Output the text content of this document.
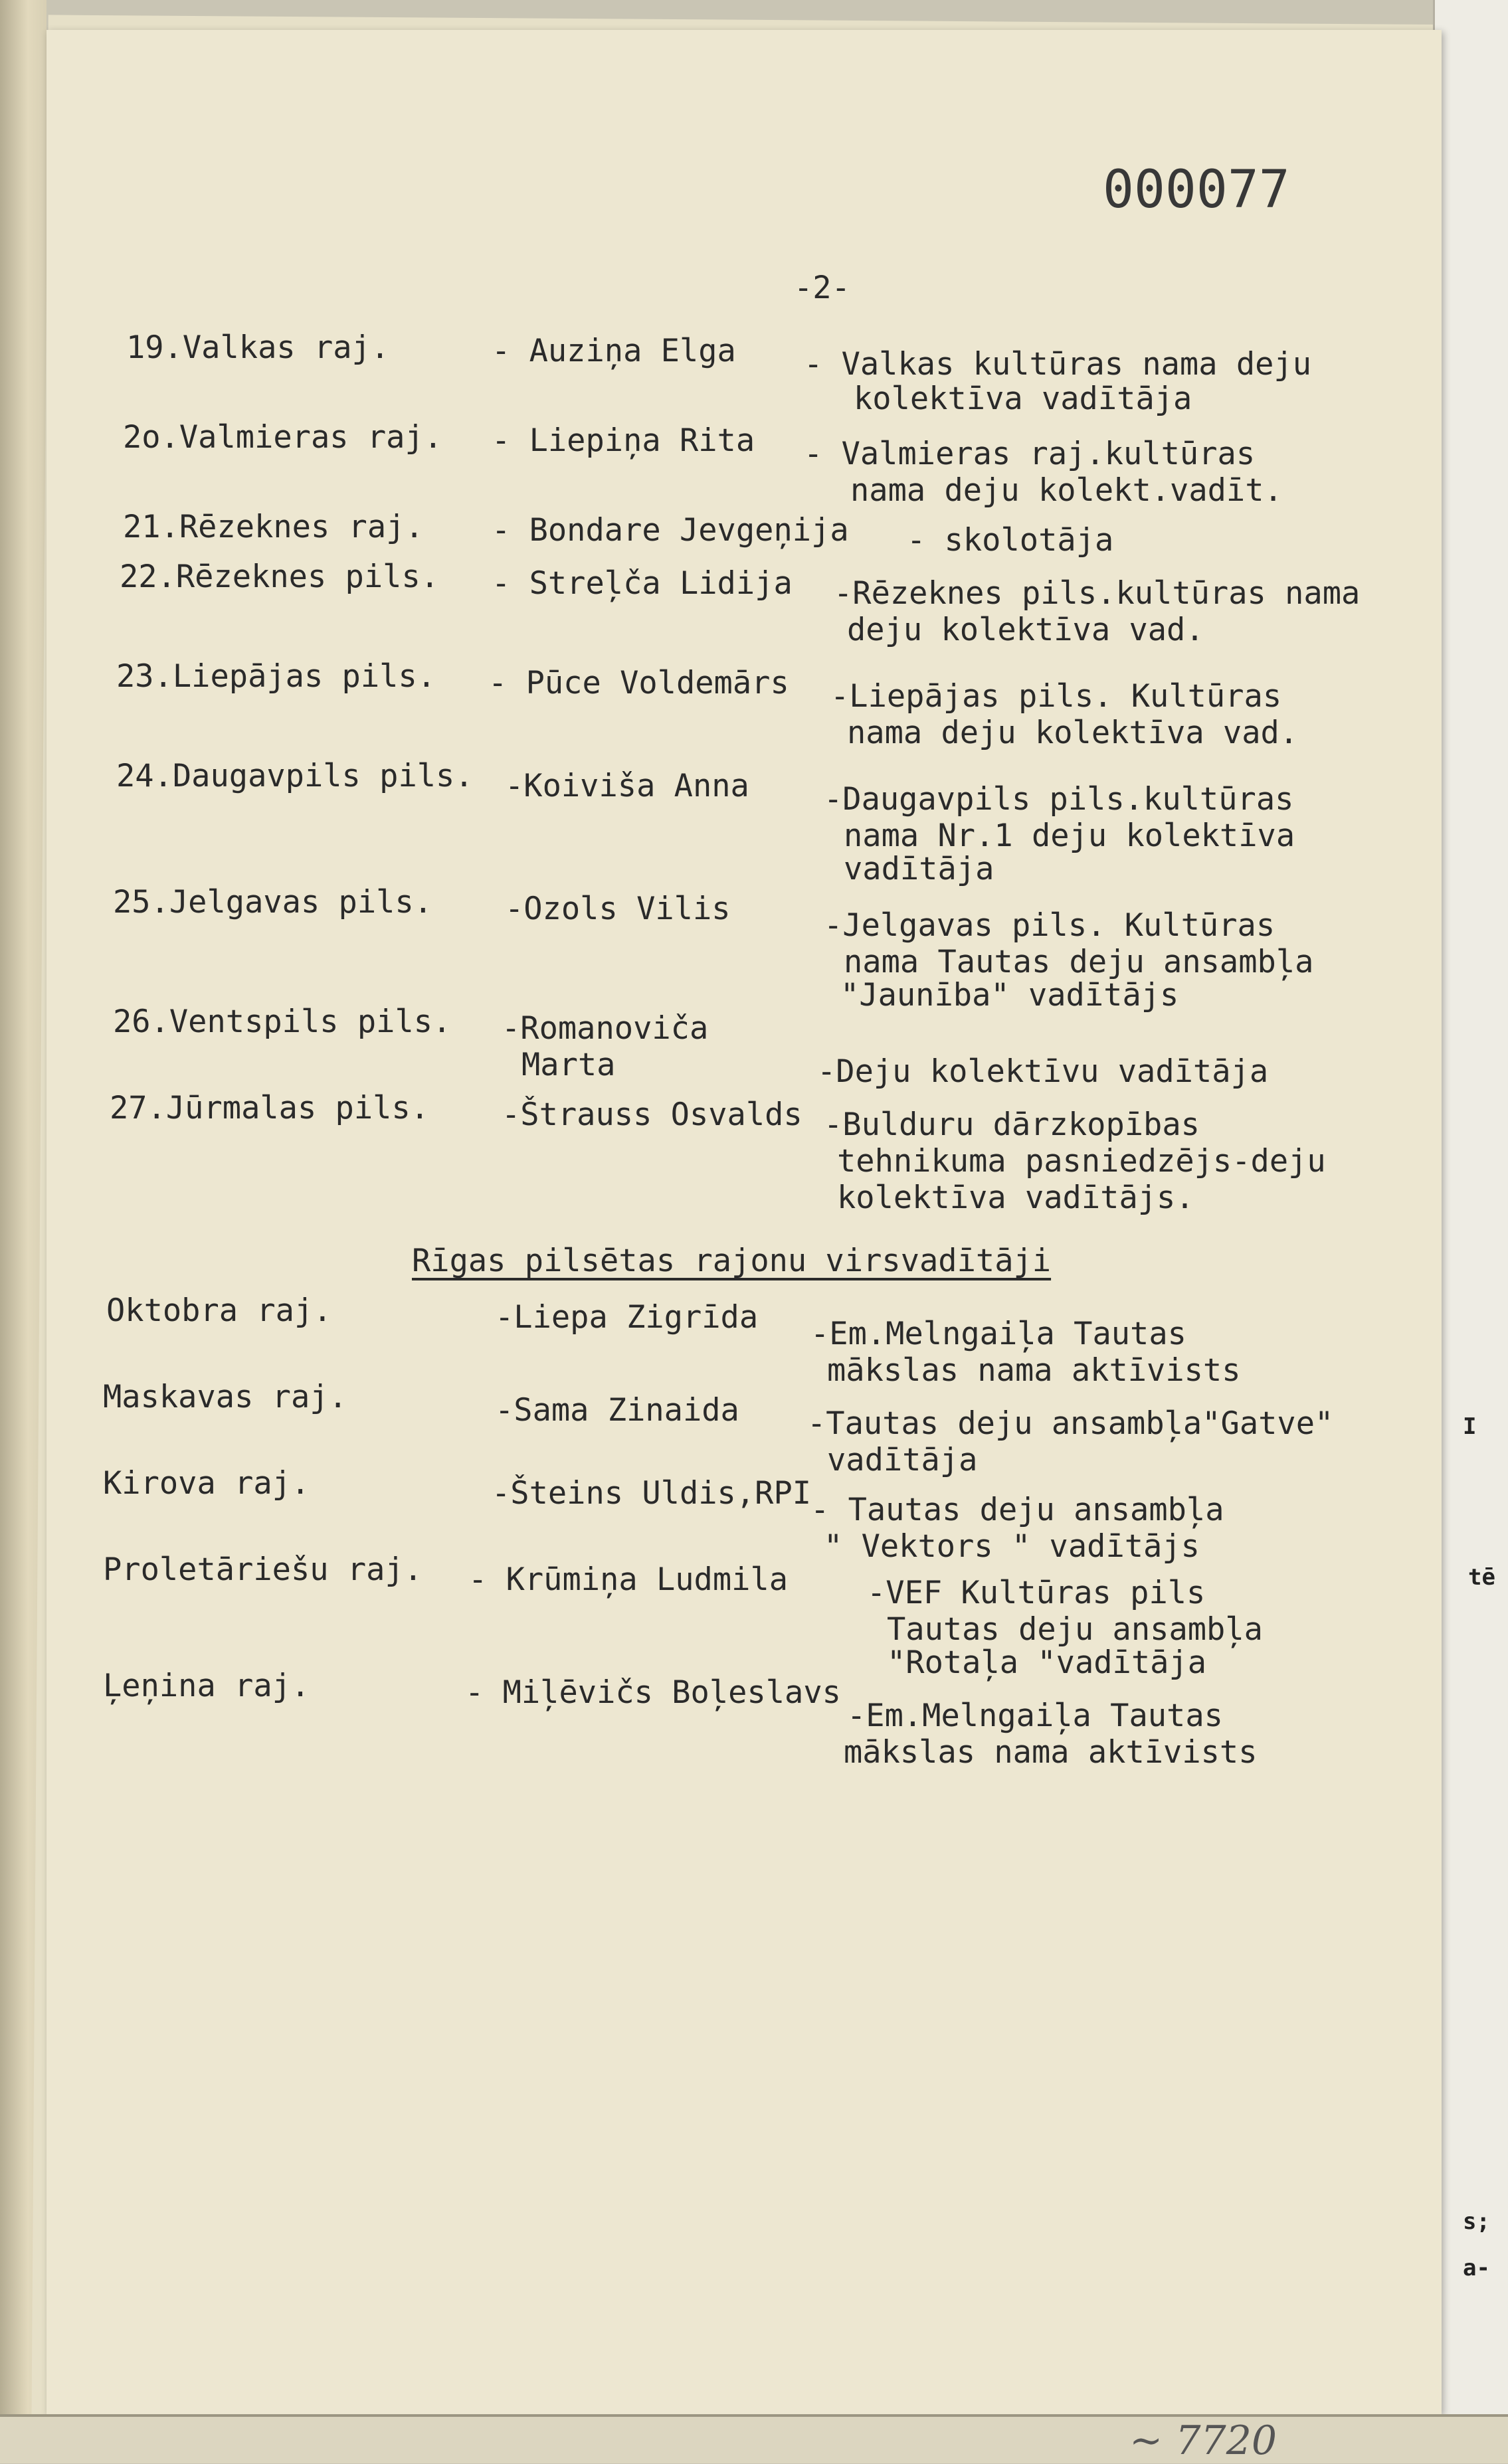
I
tē
s;
a-
000077
-2-
19.Valkas raj.	- Auziņa Elga - Valkas kultūras nama deju
kolektīva vadītāja
2o.Valmieras raj. - Liepiņa Rita - Valmieras raj.kultūras
nama deju kolekt.vadīt.
21.Rēzeknes raj. - Bondare Jevgeņija - skolotāja
22.Rēzeknes pils. - Streļča Lidija -Rēzeknes pils.kultūras nama
deju kolektīva vad.
23.Liepājas pils. - Pūce Voldemārs -Liepājas pils. Kultūras
nama deju kolektīva vad.
24.Daugavpils pils. -Koiviša Anna -Daugavpils pils.kultūras
nama Nr.1 deju kolektīva
vadītāja
25.Jelgavas pils. -Ozols Vilis	-Jelgavas pils. Kultūras
nama Tautas deju ansambļa
"Jaunība" vadītājs
26.Ventspils pils. -Romanoviča
Marta	-Deju kolektīvu vadītāja
27.Jūrmalas pils. -Štrauss Osvalds -Bulduru dārzkopības
tehnikuma pasniedzējs-deju
kolektīva vadītājs.
Rīgas pilsētas rajonu virsvadītāji
Oktobra raj.	-Liepa Zigrīda -Em.Melngaiļa Tautas
mākslas nama aktīvists
Maskavas raj.	-Sama Zinaida -Tautas deju ansambļa"Gatve"
vadītāja
Kirova raj.	-Šteins Uldis,RPI
- Tautas deju ansambļa
" Vektors " vadītājs
Proletāriešu raj. - Krūmiņa Ludmila	-VEF Kultūras pils
Tautas deju ansambļa
"Rotaļa "vadītāja
Ļeņina raj.	- Miļēvičs Boļeslavs
-Em.Melngaiļa Tautas
mākslas nama aktīvists
∼ 7720
